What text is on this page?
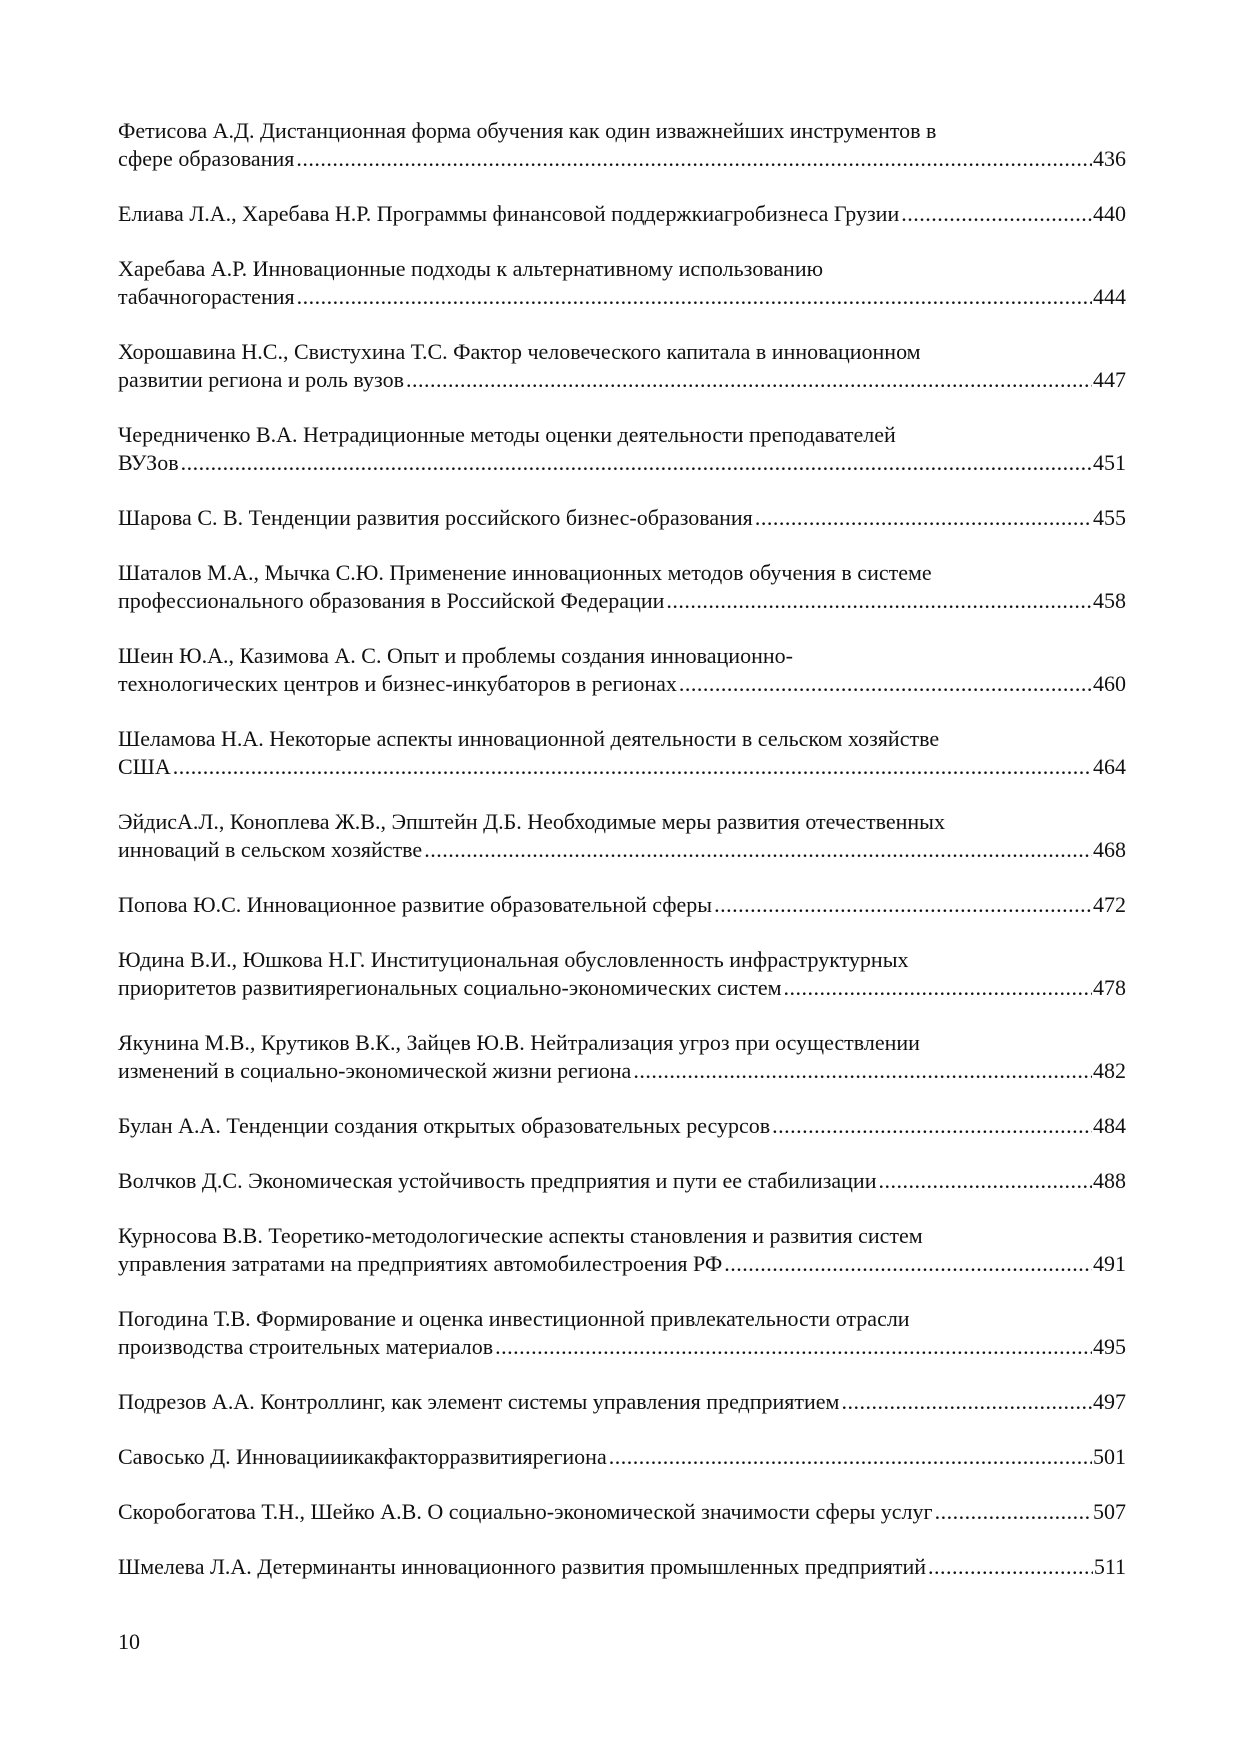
Фетисова А.Д. Дистанционная форма обучения как один изважнейших инструментов в
сфере образования .....	436
Елиава Л.А., Харебава Н.Р. Программы финансовой поддержкиагробизнеса Грузии .....	440
Харебава А.Р. Инновационные подходы к альтернативному использованию
табачногорастения .....	444
Хорошавина Н.С., Свистухина Т.С. Фактор человеческого капитала в инновационном
развитии региона и роль вузов .....	447
Чередниченко В.А. Нетрадиционные методы оценки деятельности преподавателей
ВУЗов .....	451
Шарова С. В. Тенденции развития российского бизнес-образования .....	455
Шаталов М.А., Мычка С.Ю. Применение инновационных методов обучения в системе
профессионального образования в Российской Федерации .....	458
Шеин Ю.А., Казимова А. С. Опыт и проблемы создания инновационно-
технологических центров и бизнес-инкубаторов в регионах .....	460
Шеламова Н.А. Некоторые аспекты инновационной деятельности в сельском хозяйстве
США .....	464
ЭйдисА.Л., Коноплева Ж.В., Эпштейн Д.Б. Необходимые меры развития отечественных
инноваций в сельском хозяйстве .....	468
Попова Ю.С. Инновационное развитие образовательной сферы .....	472
Юдина В.И., Юшкова Н.Г. Институциональная обусловленность инфраструктурных
приоритетов развитиярегиональных социально-экономических систем .....	478
Якунина М.В., Крутиков В.К., Зайцев Ю.В. Нейтрализация угроз при осуществлении
изменений в социально-экономической жизни региона .....	482
Булан А.А. Тенденции создания открытых образовательных ресурсов .....	484
Волчков Д.С. Экономическая устойчивость предприятия и пути ее стабилизации .....	488
Курносова В.В. Теоретико-методологические аспекты становления и развития систем
управления затратами на предприятиях автомобилестроения РФ .....	491
Погодина Т.В. Формирование и оценка инвестиционной привлекательности отрасли
производства строительных материалов .....	495
Подрезов А.А. Контроллинг, как элемент системы управления предприятием .....	497
Савосько Д. Инновацииикакфакторразвитиярегиона .....	501
Скоробогатова Т.Н., Шейко А.В. О социально-экономической значимости сферы услуг .....	507
Шмелева Л.А. Детерминанты инновационного развития промышленных предприятий .....	511
10
